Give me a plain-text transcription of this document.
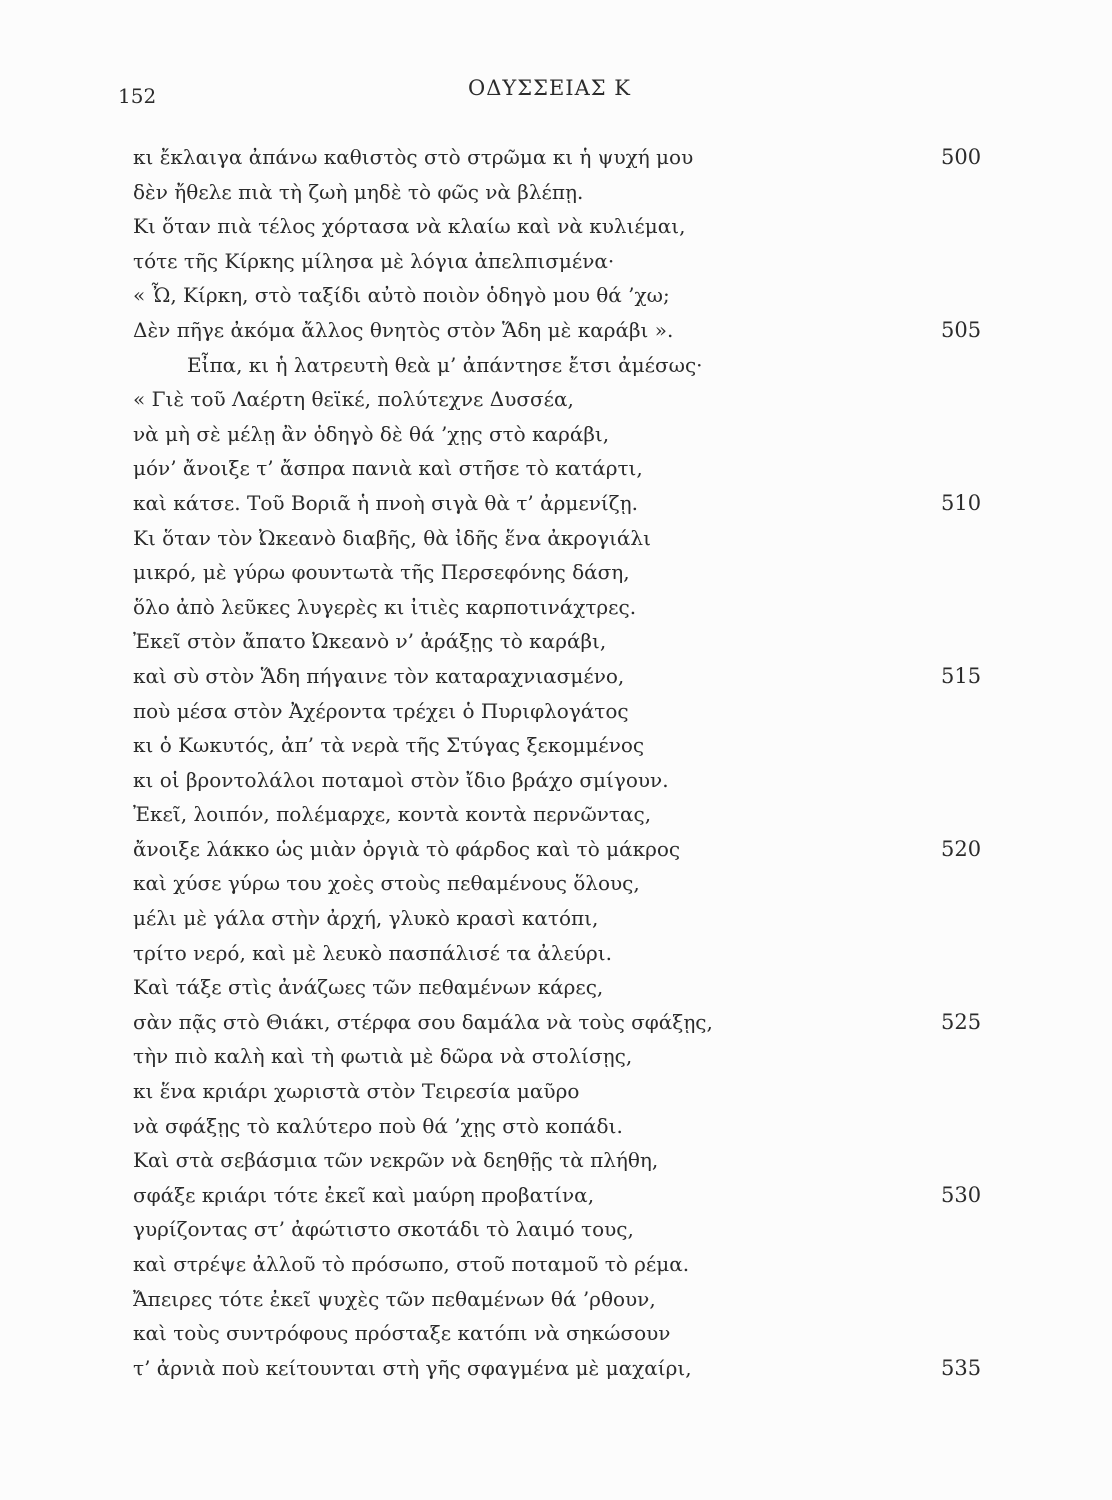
152	ΟΔΥΣΣΕΙΑΣ Κ
κι ἔκλαιγα ἀπάνω καθιστὸς στὸ στρῶμα κι ἡ ψυχή μου	500
δὲν ἤθελε πιὰ τὴ ζωὴ μηδὲ τὸ φῶς νὰ βλέπῃ.
Κι ὅταν πιὰ τέλος χόρτασα νὰ κλαίω καὶ νὰ κυλιέμαι,
τότε τῆς Κίρκης μίλησα μὲ λόγια ἀπελπισμένα·
« Ὦ, Κίρκη, στὸ ταξίδι αὐτὸ ποιὸν ὁδηγὸ μου θά ’χω;
Δὲν πῆγε ἀκόμα ἄλλος θνητὸς στὸν Ἅδη μὲ καράβι ».	505
Εἶπα, κι ἡ λατρευτὴ θεὰ μ’ ἀπάντησε ἔτσι ἀμέσως·
« Γιὲ τοῦ Λαέρτη θεϊκέ, πολύτεχνε Δυσσέα,
νὰ μὴ σὲ μέλῃ ἂν ὁδηγὸ δὲ θά ’χῃς στὸ καράβι,
μόν’ ἄνοιξε τ’ ἄσπρα πανιὰ καὶ στῆσε τὸ κατάρτι,
καὶ κάτσε. Τοῦ Βοριᾶ ἡ πνοὴ σιγὰ θὰ τ’ ἀρμενίζῃ.	510
Κι ὅταν τὸν Ὠκεανὸ διαβῆς, θὰ ἰδῆς ἕνα ἀκρογιάλι
μικρό, μὲ γύρω φουντωτὰ τῆς Περσεφόνης δάση,
ὅλο ἀπὸ λεῦκες λυγερὲς κι ἰτιὲς καρποτινάχτρες.
Ἐκεῖ στὸν ἄπατο Ὠκεανὸ ν’ ἀράξῃς τὸ καράβι,
καὶ σὺ στὸν Ἅδη πήγαινε τὸν καταραχνιασμένο,	515
ποὺ μέσα στὸν Ἀχέροντα τρέχει ὁ Πυριφλογάτος
κι ὁ Κωκυτός, ἀπ’ τὰ νερὰ τῆς Στύγας ξεκομμένος
κι οἱ βροντολάλοι ποταμοὶ στὸν ἴδιο βράχο σμίγουν.
Ἐκεῖ, λοιπόν, πολέμαρχε, κοντὰ κοντὰ περνῶντας,
ἄνοιξε λάκκο ὡς μιὰν ὀργιὰ τὸ φάρδος καὶ τὸ μάκρος	520
καὶ χύσε γύρω του χοὲς στοὺς πεθαμένους ὅλους,
μέλι μὲ γάλα στὴν ἀρχή, γλυκὸ κρασὶ κατόπι,
τρίτο νερό, καὶ μὲ λευκὸ πασπάλισέ τα ἀλεύρι.
Καὶ τάξε στὶς ἀνάζωες τῶν πεθαμένων κάρες,
σὰν πᾷς στὸ Θιάκι, στέρφα σου δαμάλα νὰ τοὺς σφάξῃς,	525
τὴν πιὸ καλὴ καὶ τὴ φωτιὰ μὲ δῶρα νὰ στολίσῃς,
κι ἕνα κριάρι χωριστὰ στὸν Τειρεσία μαῦρο
νὰ σφάξῃς τὸ καλύτερο ποὺ θά ’χῃς στὸ κοπάδι.
Καὶ στὰ σεβάσμια τῶν νεκρῶν νὰ δεηθῇς τὰ πλήθη,
σφάξε κριάρι τότε ἐκεῖ καὶ μαύρη προβατίνα,	530
γυρίζοντας στ’ ἀφώτιστο σκοτάδι τὸ λαιμό τους,
καὶ στρέψε ἀλλοῦ τὸ πρόσωπο, στοῦ ποταμοῦ τὸ ρέμα.
Ἄπειρες τότε ἐκεῖ ψυχὲς τῶν πεθαμένων θά ’ρθουν,
καὶ τοὺς συντρόφους πρόσταξε κατόπι νὰ σηκώσουν
τ’ ἀρνιὰ ποὺ κείτουνται στὴ γῆς σφαγμένα μὲ μαχαίρι,	535
